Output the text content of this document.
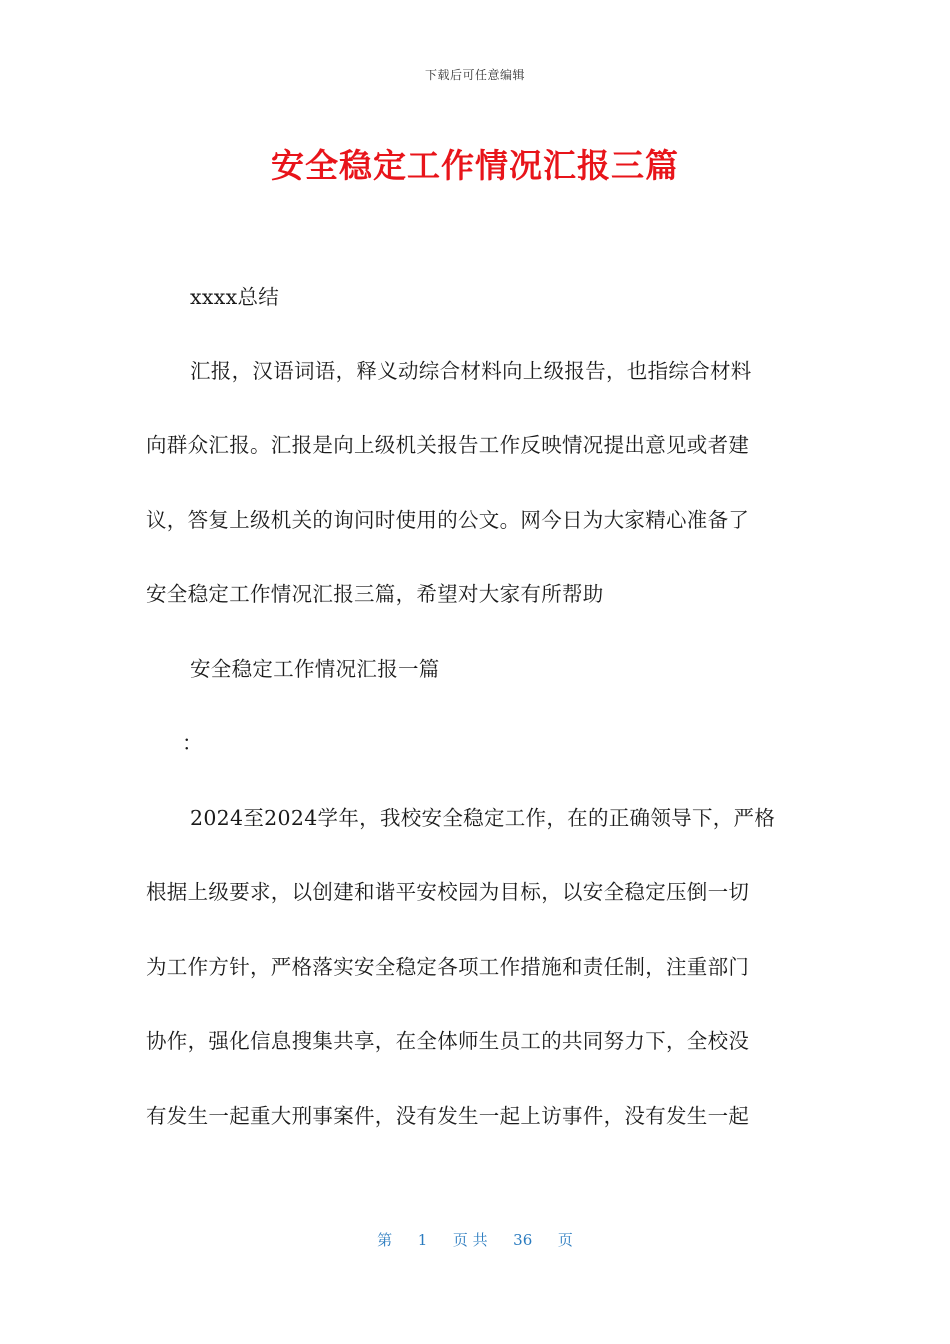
下载后可任意编辑
安全稳定工作情况汇报三篇
xxxx总结
汇报，汉语词语，释义动综合材料向上级报告，也指综合材料
向群众汇报。汇报是向上级机关报告工作反映情况提出意见或者建
议，答复上级机关的询问时使用的公文。网今日为大家精心准备了
安全稳定工作情况汇报三篇，希望对大家有所帮助
安全稳定工作情况汇报一篇
：
2024至2024学年，我校安全稳定工作，在的正确领导下，严格
根据上级要求，以创建和谐平安校园为目标，以安全稳定压倒一切
为工作方针，严格落实安全稳定各项工作措施和责任制，注重部门
协作，强化信息搜集共享，在全体师生员工的共同努力下，全校没
有发生一起重大刑事案件，没有发生一起上访事件，没有发生一起
第 1 页 共 36 页
